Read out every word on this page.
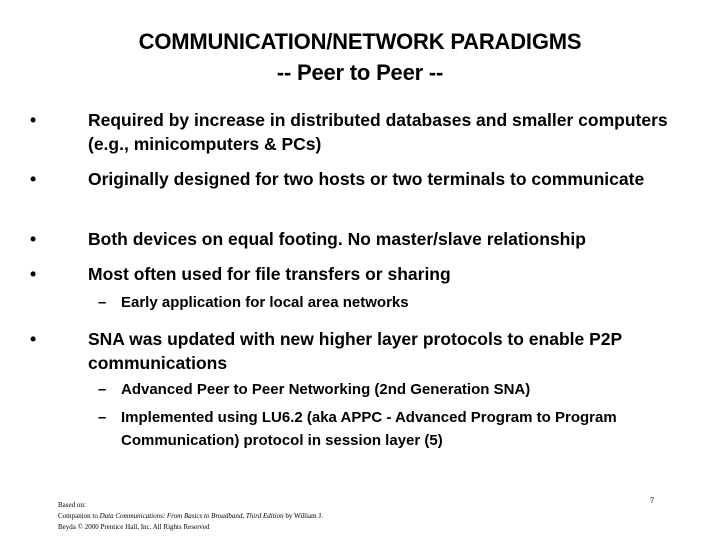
COMMUNICATION/NETWORK PARADIGMS
-- Peer to Peer --
•	Required by increase in distributed databases and smaller computers (e.g., minicomputers & PCs)
•	Originally designed for two hosts or two terminals to communicate
•	Both devices on equal footing. No master/slave relationship
•	Most often used for file transfers or sharing
– Early application for local area networks
•	SNA was updated with new higher layer protocols to enable P2P communications
– Advanced Peer to Peer Networking (2nd Generation SNA)
– Implemented using LU6.2 (aka APPC - Advanced Program to Program Communication) protocol in session layer (5)
Based on:
Companion to Data Communications: From Basics to Broadband, Third Edition by William J.
Beyda © 2000 Prentice Hall, Inc. All Rights Reserved
7
